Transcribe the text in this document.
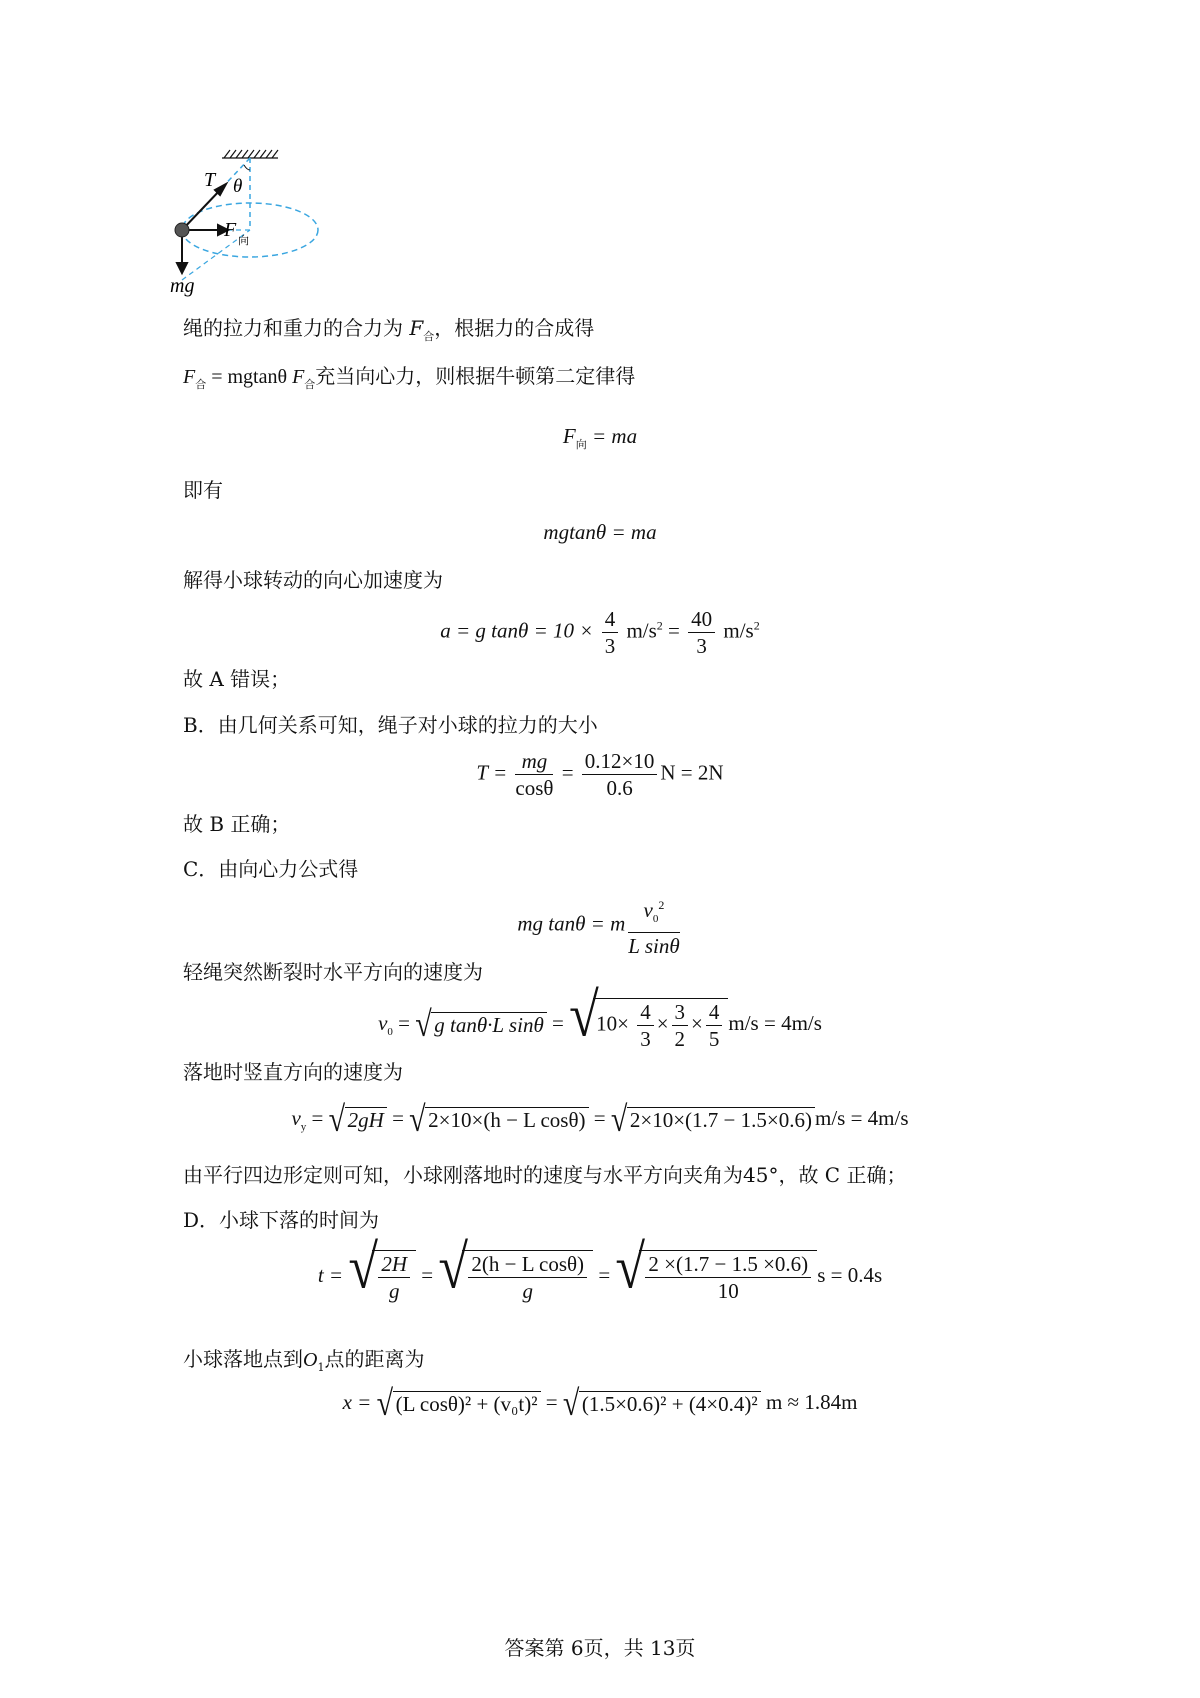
T θ
F 向
mg
绳的拉力和重力的合力为 $F_合$，根据力的合成得
$F_合 = mgtan\theta$ $F_合$充当向心力，则根据牛顿第二定律得
$F_向$ = ma
即有
mgtanθ = ma
解得小球转动的向心加速度为
a = g $\tan\theta = 10 \times \frac{4}{3} m/s^2 = \frac{40}{3} m/s^2$
故 A 错误；
B．由几何关系可知，绳子对小球的拉力的大小
$T = \frac{mg}{\cos\theta} = \frac{0.12\times 10}{0.6}$ N = 2N
故 B 正确；
C．由向心力公式得
mg tanθ = m $\frac{v_0^2}{\text{L sinθ}}$
轻绳突然断裂时水平方向的速度为
$v_0$ = √ g tanθ·L sinθ = √ $10\times \frac{4}{3} \times \frac{3}{2} \times \frac{4}{5} m/s = 4m/s$
落地时竖直方向的速度为
$v_y$ = √ 2gH = √ 2×10×(h − L cosθ) = √ 2×10×(1.7 − 1.5×0.6) m/s = 4m/s
由平行四边形定则可知，小球刚落地时的速度与水平方向夹角为45°，故 C 正确；
D．小球下落的时间为
t = √ $\frac{2H}{g}$ = √ $\frac{\text{2(h − L cosθ)}}{g}$ = √ $\frac{2 \times(1.7 - 1.5 \times 0.6)}{10}$ s = 0.4s
小球落地点到$O_1$点的距离为
x = √ (L cosθ)² + (v₀t)² = √ (1.5×0.6)² + (4×0.4)² m ≈ 1.84m
答案第 6页，共 13页
